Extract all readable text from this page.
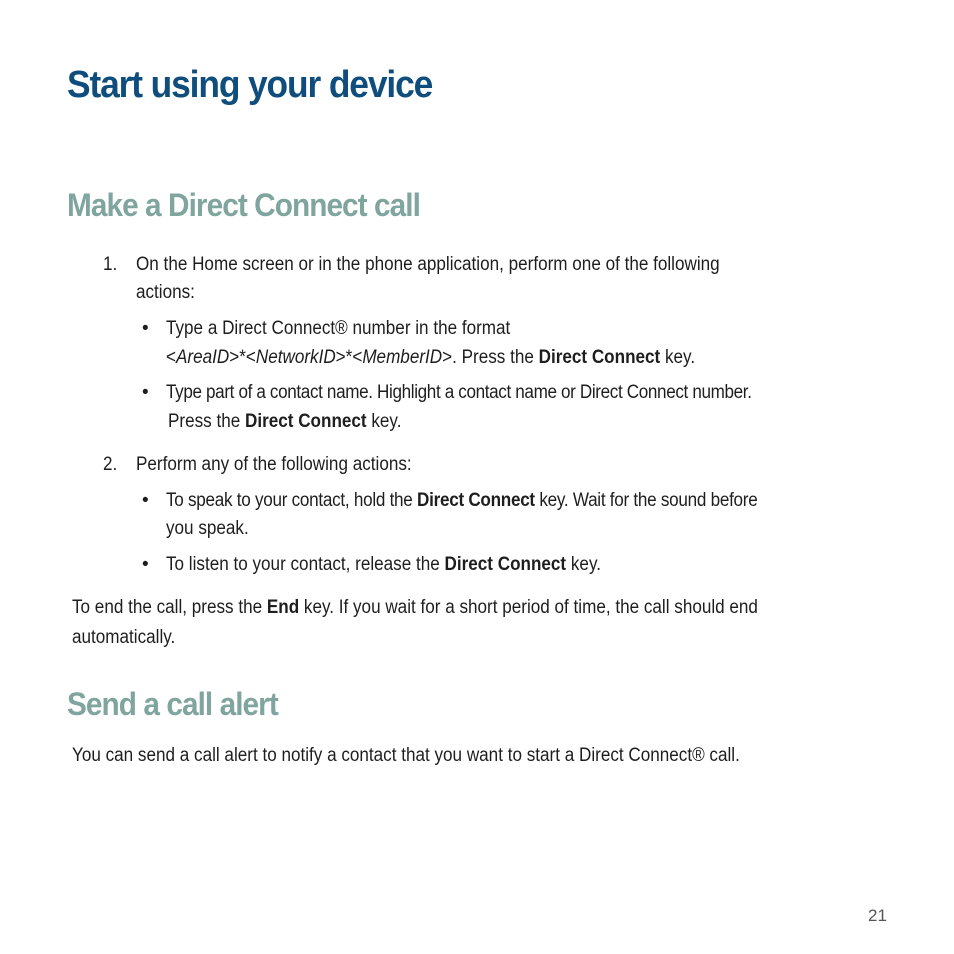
Start using your device
Make a Direct Connect call
1. On the Home screen or in the phone application, perform one of the following

actions:

• Type a Direct Connect® number in the format

<AreaID>*<NetworkID>*<MemberID>. Press the Direct Connect key.

• Type part of a contact name. Highlight a contact name or Direct Connect number.

Press the Direct Connect key.

2. Perform any of the following actions:

• To speak to your contact, hold the Direct Connect key. Wait for the sound before

you speak.

• To listen to your contact, release the Direct Connect key.

To end the call, press the End key. If you wait for a short period of time, the call should end

automatically.

Send a call alert

You can send a call alert to notify a contact that you want to start a Direct Connect® call.

21
